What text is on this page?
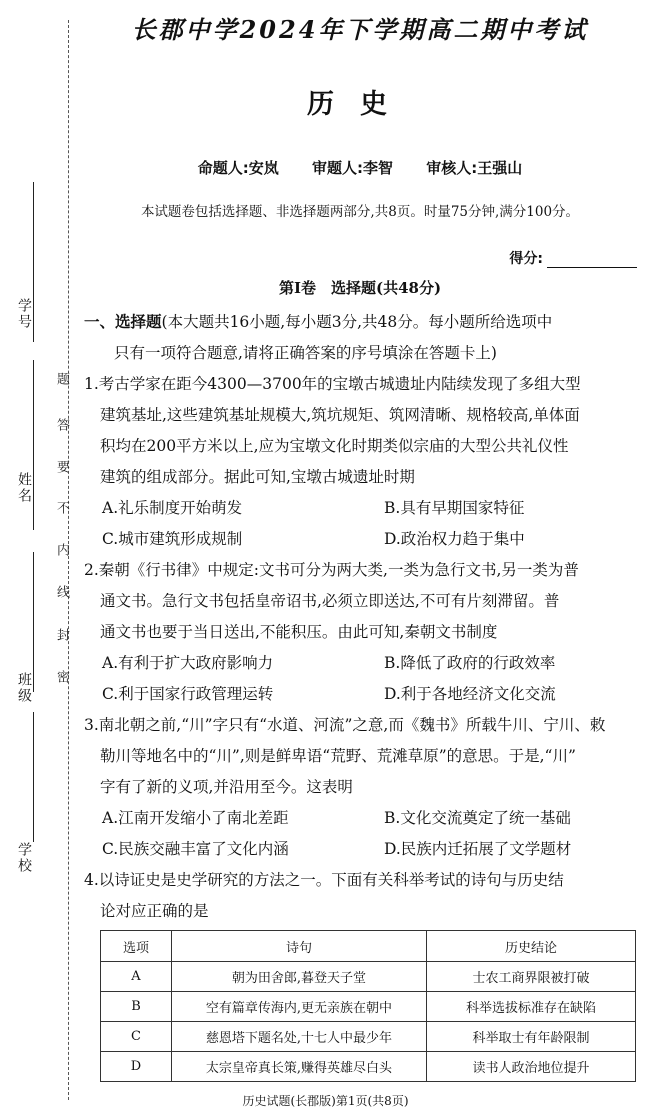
学号
姓名
班级
学校
题
答
要
不
内
线
封
密
长郡中学2024年下学期高二期中考试
历史
命题人:安岚 审题人:李智 审核人:王强山
本试题卷包括选择题、非选择题两部分,共8页。时量75分钟,满分100分。
得分:
第Ⅰ卷　选择题(共48分)

一、选择题(本大题共16小题,每小题3分,共48分。每小题所给选项中

只有一项符合题意,请将正确答案的序号填涂在答题卡上)

1.考古学家在距今4300—3700年的宝墩古城遗址内陆续发现了多组大型

建筑基址,这些建筑基址规模大,筑坑规矩、筑网清晰、规格较高,单体面

积均在200平方米以上,应为宝墩文化时期类似宗庙的大型公共礼仪性

建筑的组成部分。据此可知,宝墩古城遗址时期

A.礼乐制度开始萌发	B.具有早期国家特征
C.城市建筑形成规制	D.政治权力趋于集中

2.秦朝《行书律》中规定:文书可分为两大类,一类为急行文书,另一类为普

通文书。急行文书包括皇帝诏书,必须立即送达,不可有片刻滞留。普

通文书也要于当日送出,不能积压。由此可知,秦朝文书制度

A.有利于扩大政府影响力	B.降低了政府的行政效率
C.利于国家行政管理运转	D.利于各地经济文化交流

3.南北朝之前,“川”字只有“水道、河流”之意,而《魏书》所载牛川、宁川、敕

勒川等地名中的“川”,则是鲜卑语“荒野、荒滩草原”的意思。于是,“川”

字有了新的义项,并沿用至今。这表明

A.江南开发缩小了南北差距	B.文化交流奠定了统一基础
C.民族交融丰富了文化内涵	D.民族内迁拓展了文学题材

4.以诗证史是史学研究的方法之一。下面有关科举考试的诗句与历史结

论对应正确的是

选项	诗句	历史结论
A	朝为田舍郎,暮登天子堂	士农工商界限被打破
B	空有篇章传海内,更无亲族在朝中	科举选拔标准存在缺陷
C	慈恩塔下题名处,十七人中最少年	科举取士有年龄限制
D	太宗皇帝真长策,赚得英雄尽白头	读书人政治地位提升
历史试题(长郡版)第1页(共8页)
